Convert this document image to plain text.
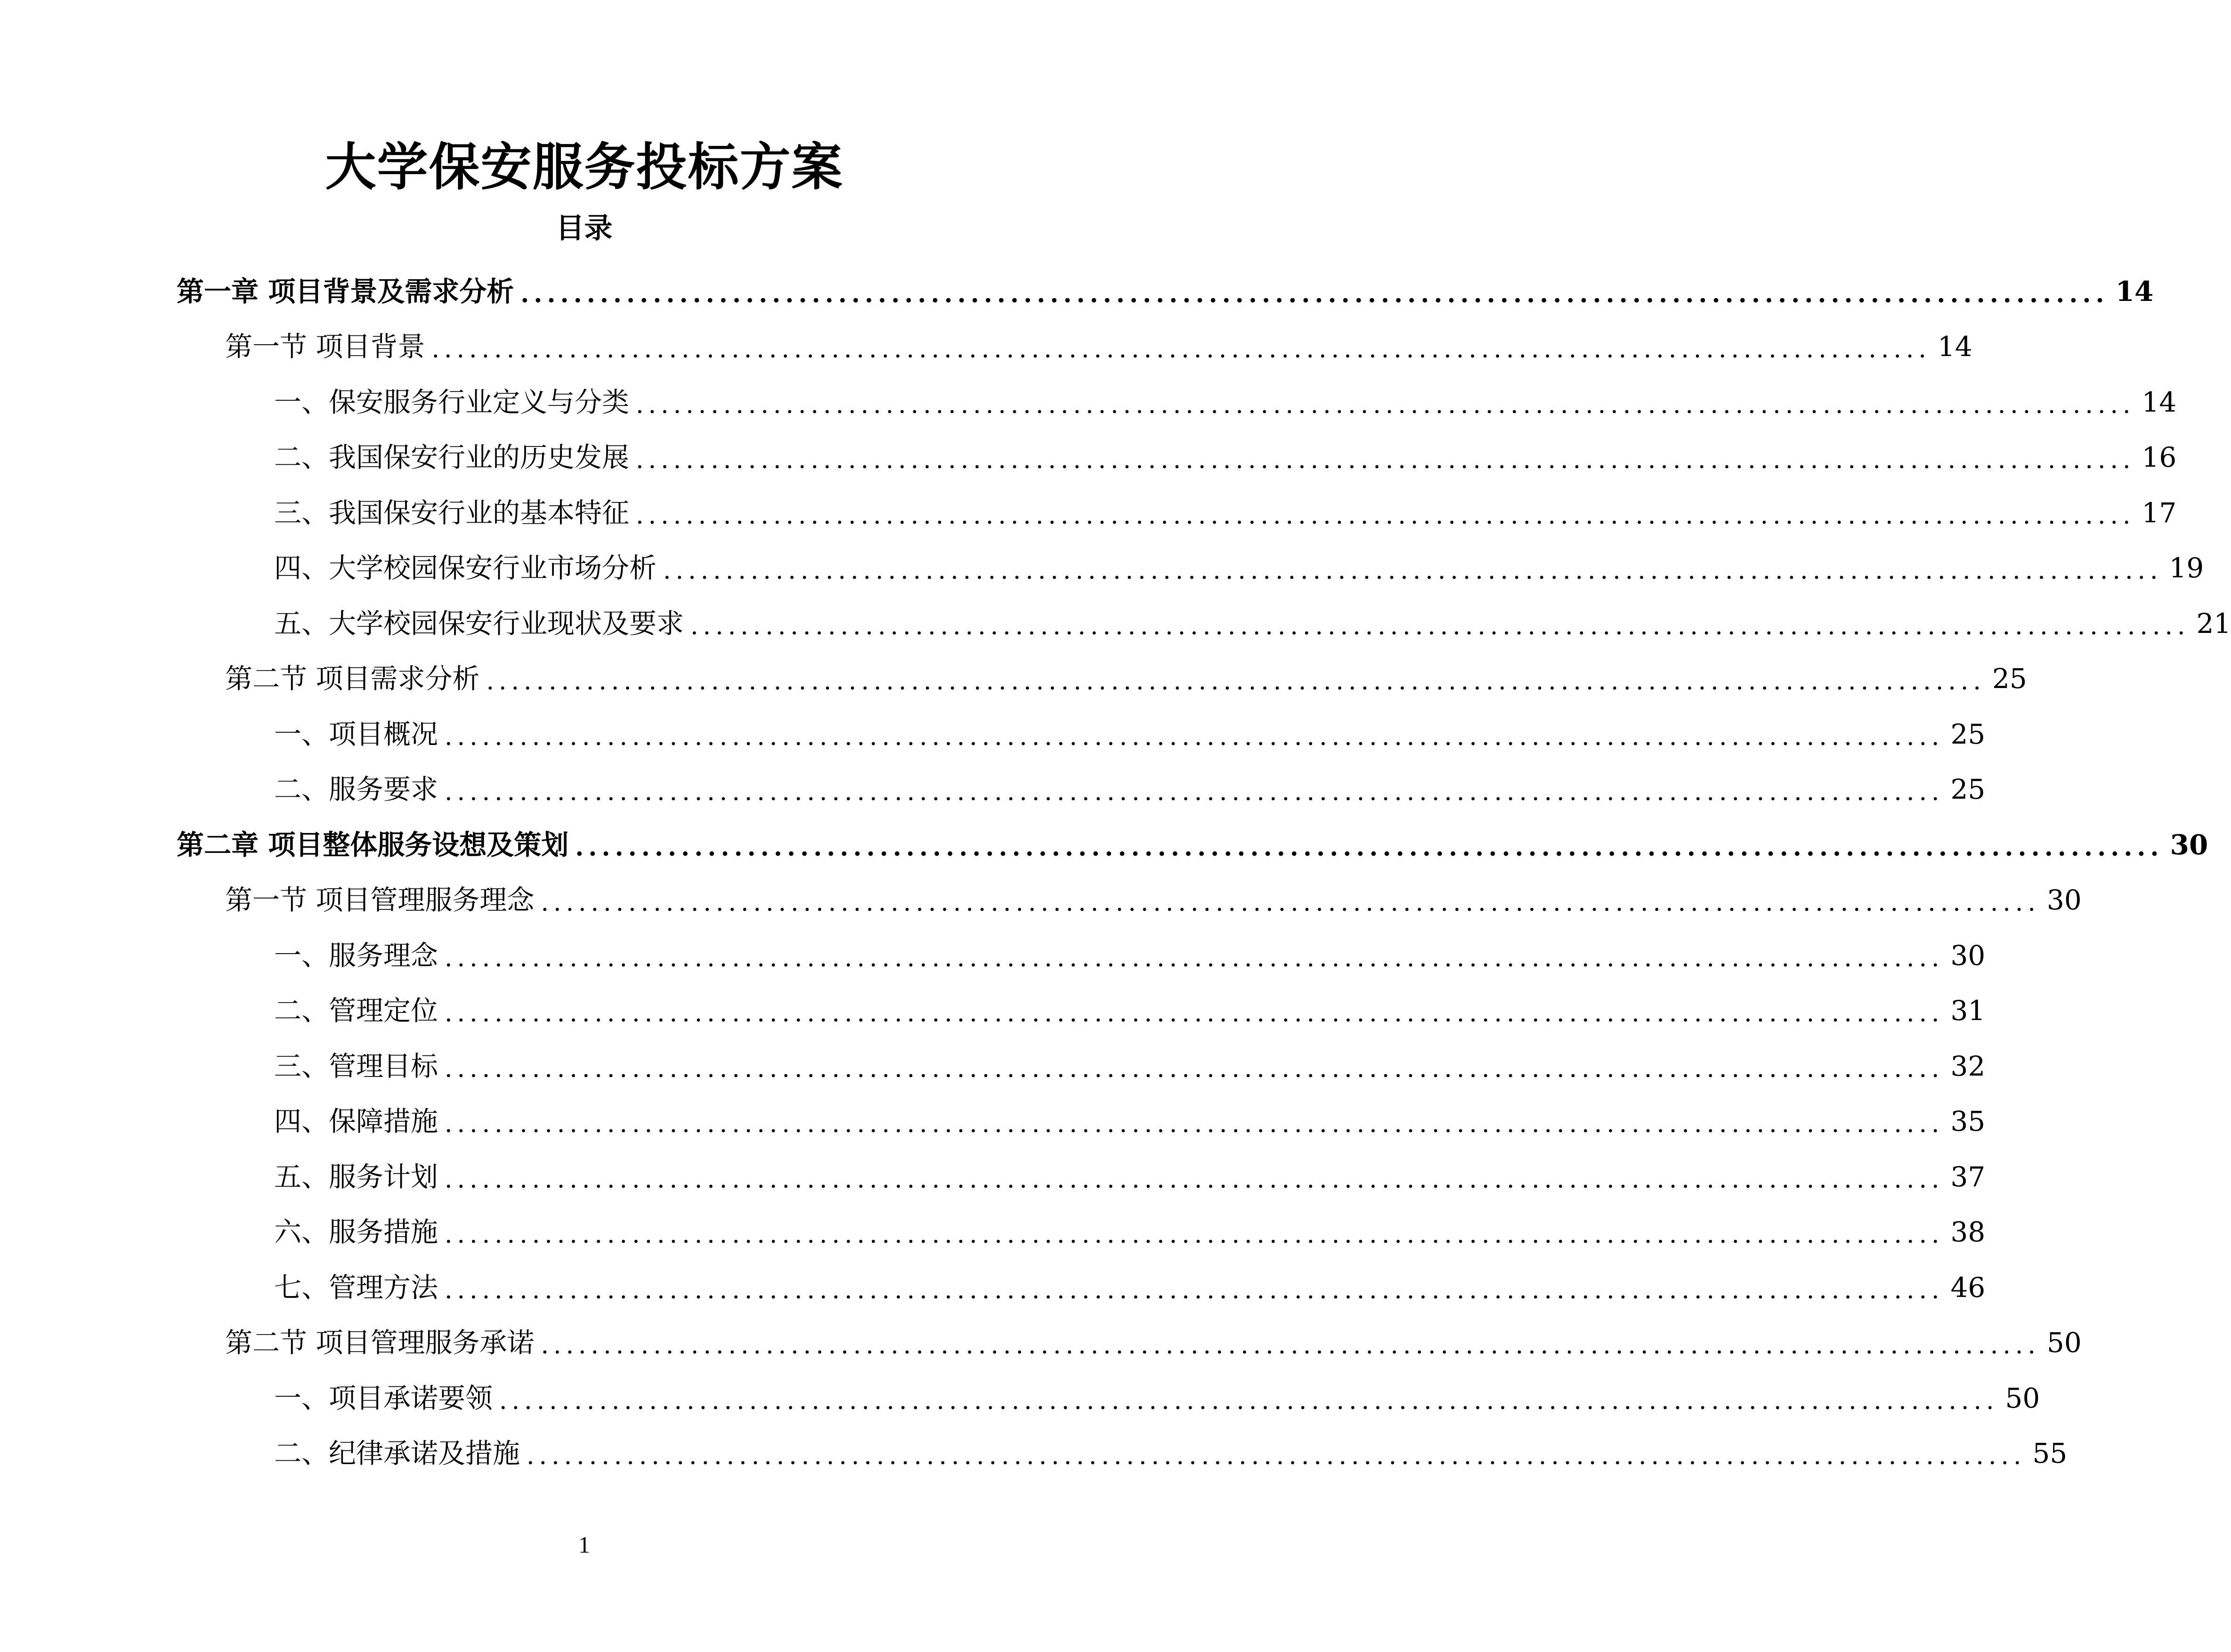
大学保安服务投标方案
目录
第一章 项目背景及需求分析 ........................................................................................................................ 14
第一节 项目背景 ........................................................................................................................ 14
一、保安服务行业定义与分类 ........................................................................................................................ 14
二、我国保安行业的历史发展 ........................................................................................................................ 16
三、我国保安行业的基本特征 ........................................................................................................................ 17
四、大学校园保安行业市场分析 ........................................................................................................................ 19
五、大学校园保安行业现状及要求 ........................................................................................................................ 21
第二节 项目需求分析 ........................................................................................................................ 25
一、项目概况 ........................................................................................................................ 25
二、服务要求 ........................................................................................................................ 25
第二章 项目整体服务设想及策划 ........................................................................................................................ 30
第一节 项目管理服务理念 ........................................................................................................................ 30
一、服务理念 ........................................................................................................................ 30
二、管理定位 ........................................................................................................................ 31
三、管理目标 ........................................................................................................................ 32
四、保障措施 ........................................................................................................................ 35
五、服务计划 ........................................................................................................................ 37
六、服务措施 ........................................................................................................................ 38
七、管理方法 ........................................................................................................................ 46
第二节 项目管理服务承诺 ........................................................................................................................ 50
一、项目承诺要领 ........................................................................................................................ 50
二、纪律承诺及措施 ........................................................................................................................ 55
1
